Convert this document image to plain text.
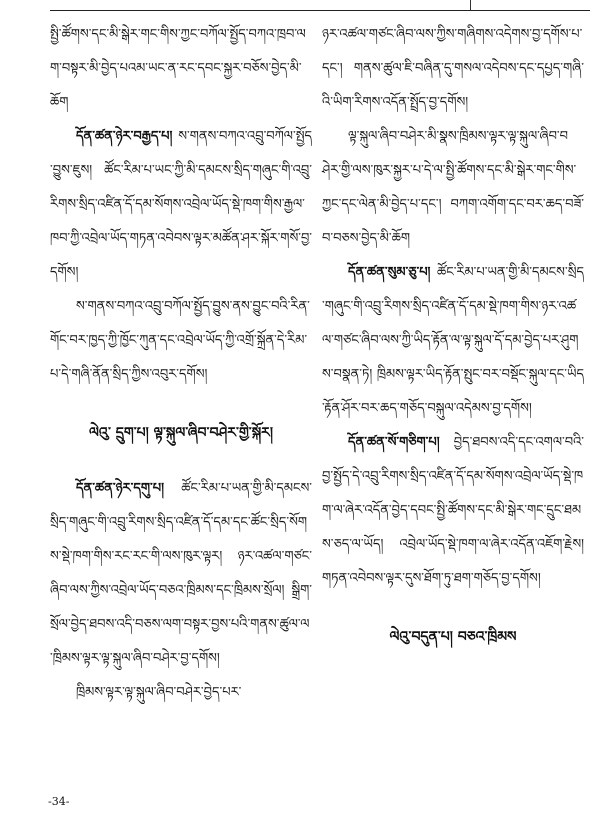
སྤྱི་ཚོགས་དང་མི་སྒེར་གང་གིས་ཀྱང་བཀོལ་སྤྱོད་བཀའ་ཁྲབ་ལག་བསྟར་མི་བྱེད་པའམ་ཡང་ན་རང་དབང་སྐྱར་བཅོས་བྱེད་མི་ཆོག

དོན་ཚན་ཉེར་བརྒྱད་པ། ས་གནས་བཀའ་འབྲུ་བཀོལ་སྤྱོད་བྱུས་ཇུས། ཚོང་རིམ་པ་ཡང་ཀྱི་མི་དམངས་སྲིད་གཞུང་གི་འབྲུ་རིགས་སྲིད་འཛིན་དོ་དམ་སོགས་འབྲེལ་ཡོད་སྡེ་ཁག་གིས་རྒྱལ་ཁབ་ཀྱི་འབྲེལ་ཡོད་གཏན་འབེབས་ལྟར་མཚོན་ཤར་སྐོར་གསོ་བྱ་དགོས།

ས་གནས་བཀའ་འབྲུ་བཀོལ་སྤྱོད་བྱུས་ནས་བྱུང་བའི་རིན་གོང་བར་ཁྱད་ཀྱི་ཁྱོང་ཀུན་དང་འབྲེལ་ཡོད་ཀྱི་འགྲོ་སྐྲོན་དེ་རིམ་པ་དེ་གཞི་ནོན་སྲིད་ཀྱིས་འབུར་དགོས།

ལེའུ་ དྲུག་པ། ལྟ་སྐུལ་ཞིབ་བཤེར་གྱི་སྐོར།

དོན་ཚན་ཉེར་དགུ་པ། ཚོང་རིམ་པ་ཡན་གྱི་མི་དམངས་སྲིད་གཞུང་གི་འབྲུ་རིགས་སྲིད་འཛིན་དོ་དམ་དང་ཚོང་སྲིད་སོགས་སྡེ་ཁག་གིས་རང་རང་གི་ལས་ཁུར་ལྟར། ཉར་འཚལ་གཙང་ཞིབ་ལས་ཀྱིས་འབྲེལ་ཡོད་བཅའ་ཁྲིམས་དང་ཁྲིམས་སྲོལ། སྒྲིག་སྲོལ་བྱེད་ཐབས་འདི་བཅས་ལག་བསྟར་བྱས་པའི་གནས་ཚུལ་ལ་ཁྲིམས་ལྟར་ལྟ་སྐུལ་ཞིབ་བཤེར་བྱ་དགོས།

ཁྲིམས་ལྟར་ལྟ་སྐུལ་ཞིབ་བཤེར་བྱེད་པར་

ཉར་འཚལ་གཙང་ཞིབ་ལས་ཀྱིས་གཞིགས་འདེགས་བྱ་དགོས་པ་དང་། གནས་ཚུལ་ཇི་བཞིན་དུ་གསལ་འདེབས་དང་དཔྱད་གཞི་འི་ཡིག་རིགས་འདོན་སྤྲོད་བྱ་དགོས།

ལྟ་སྐུལ་ཞིབ་བཤེར་མི་སྣས་ཁྲིམས་ལྟར་ལྟ་སྐུལ་ཞིབ་བཤེར་གྱི་ལས་ཁུར་སྐྱར་པ་དེ་ལ་སྤྱི་ཚོགས་དང་མི་སྒེར་གང་གིས་ཀྱང་དང་ལེན་མི་བྱེད་པ་དང་། བཀག་འགོག་དང་བར་ཆད་བཟོ་བ་བཅས་བྱེད་མི་ཆོག

དོན་ཚན་སུམ་ཅུ་པ། ཚོང་རིམ་པ་ཡན་གྱི་མི་དམངས་སྲིད་གཞུང་གི་འབྲུ་རིགས་སྲིད་འཛིན་དོ་དམ་སྡེ་ཁག་གིས་ཉར་འཚལ་གཙང་ཞིབ་ལས་ཀྱི་ཡིད་རྟོན་ལ་ལྟ་སྐུལ་དོ་དམ་བྱེད་པར་ཤུགས་བསྣན་ཏེ། ཁྲིམས་ལྟར་ཡིད་རྟོན་སྤུང་བར་བསྡོང་སྐུལ་དང་ཡིད་རྟོན་ཤོར་བར་ཆད་གཅོད་བསྐུལ་འདེམས་བྱ་དགོས།

དོན་ཚན་སོ་གཅིག་པ། བྱེད་ཐབས་འདི་དང་འགལ་བའི་བྱ་སྤྱོད་དེ་འབྲུ་རིགས་སྲིད་འཛིན་དོ་དམ་སོགས་འབྲེལ་ཡོད་སྡེ་ཁག་ལ་ཞེར་འདོན་བྱེད་དབང་སྤྱི་ཚོགས་དང་མི་སྒེར་གང་དྲུང་ཐམས་ཅད་ལ་ཡོད། འབྲེལ་ཡོད་སྡེ་ཁག་ལ་ཞེར་འདོན་འཇོག་རྗེས། གཏན་འབེབས་ལྟར་དུས་ཐོག་ཏུ་ཐག་གཅོད་བྱ་དགོས།

ལེའུ་བདུན་པ། བཅའ་ཁྲིམས
-34-
